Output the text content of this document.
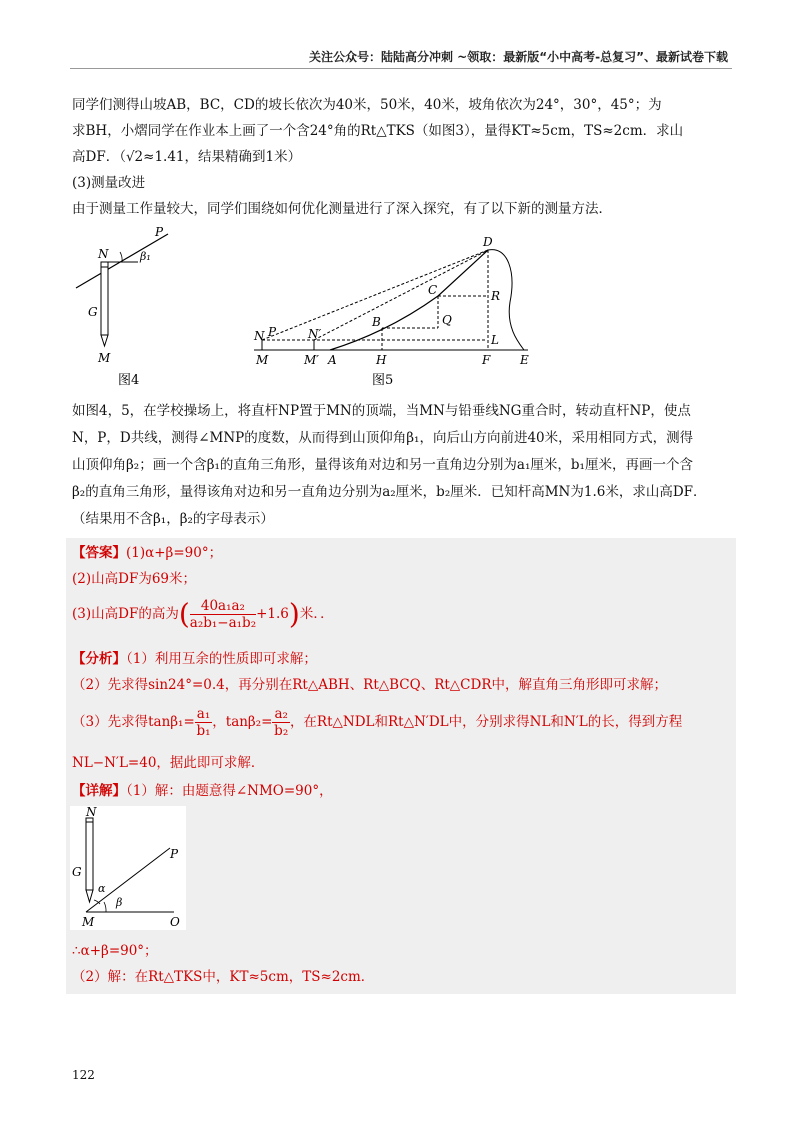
关注公众号：陆陆高分冲刺 ~领取：最新版“小中高考-总复习”、最新试卷下载
同学们测得山坡AB，BC，CD的坡长依次为40米，50米，40米，坡角依次为24°，30°，45°；为
求BH，小熠同学在作业本上画了一个含24°角的Rt△TKS（如图3），量得KT≈5cm，TS≈2cm．求山
高DF．（√2≈1.41，结果精确到1米）
(3)测量改进
由于测量工作量较大，同学们围绕如何优化测量进行了深入探究，有了以下新的测量方法．
N
P
β₁
G
M
图4
D
C	R
B	Q
N P	N′	L
M	M′ A	H	F E
图5
如图4，5，在学校操场上，将直杆NP置于MN的顶端，当MN与铅垂线NG重合时，转动直杆NP，使点
N，P，D共线，测得∠MNP的度数，从而得到山顶仰角β₁，向后山方向前进40米，采用相同方式，测得
山顶仰角β₂；画一个含β₁的直角三角形，量得该角对边和另一直角边分别为a₁厘米，b₁厘米，再画一个含
β₂的直角三角形，量得该角对边和另一直角边分别为a₂厘米，b₂厘米．已知杆高MN为1.6米，求山高DF．
（结果用不含β₁，β₂的字母表示）
【答案】(1)α+β=90°；
(2)山高DF为69米；
(3)山高DF的高为( $\frac{\text{40a₁a₂}}{\text{a₂b₁−a₁b₂}} +1.6$)米．．
【分析】（1）利用互余的性质即可求解；
（2）先求得sin24°=0.4，再分别在Rt△ABH、Rt△BCQ、Rt△CDR中，解直角三角形即可求解；
（3）先求得$\tan\beta_1= \frac{\text{a₁}}{\text{b₁}}$ ，$\tan\beta_2= \frac{\text{a₂}}{\text{b₂}}$ ，在Rt△NDL和Rt△N′DL中，分别求得NL和N′L的长，得到方程
NL−N′L=40，据此即可求解．
【详解】（1）解：由题意得∠NMO=90°，
N
P
G
α
β
M	O
∴α+β=90°；
（2）解：在Rt△TKS中，KT≈5cm，TS≈2cm．
122
